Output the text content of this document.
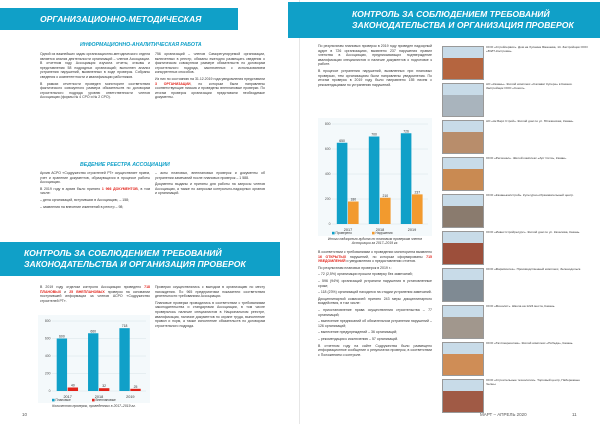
ОРГАНИЗАЦИОННО-МЕТОДИЧЕСКАЯ РАБОТА ИНФОРМАЦИОННО-АНАЛИТИЧЕСКАЯ РАБОТА

Одной из важнейших задач организационно-методического отдела является анализ деятельности организаций – членов Ассоциации. В отчетном году Ассоциация изучила отчеты, отзывы и представления 58 подрядных организаций; выполнен анализ устранения нарушений, выявленных в ходе проверок. Собраны сведения о компетентности и квалификации работников.

В рамках отчетности проведен мониторинг соответствия фактического совокупного размера обязательств по договорам строительного подряда уровню ответственности членов Ассоциации (формы № 4 СРО и № 2 СРО).

756 организаций – членов Саморегулируемой организации, включенных в реестр, обязаны ежегодно размещать сведения о фактическом совокупном размере обязательств по договорам строительного подряда, заключенных с использованием конкурентных способов.

Из них по состоянию на 31.12.2019 года уведомления представили 3 ОРГАНИЗАЦИИ, по которым были направлены соответствующие письма и проведены внеплановые проверки. По итогам проверок организации представили необходимые документы.

ВЕДЕНИЕ РЕЕСТРА АССОЦИАЦИИ

Архив АСРО «Содружество строителей РТ» осуществляет прием, учет и хранение документов, образующихся в процессе работы Ассоциации.

В 2019 году в архив было принято 1 966 ДОКУМЕНТОВ, в том числе:

– дела организаций, вступивших в Ассоциацию, – 158;

– заявления на внесение изменений в реестр – 98;

– акты плановых, внеплановых проверок и документы об устранении замечаний после плановых проверок – 1 588.

Документы выданы и приняты для работы на запросы членов Ассоциации, а также по запросам контрольно-надзорных органов и организаций.

КОНТРОЛЬ ЗА СОБЛЮДЕНИЕМ ТРЕБОВАНИЙ
ЗАКОНОДАТЕЛЬСТВА И ОРГАНИЗАЦИЯ ПРОВЕРОК

В 2019 году отделом контроля Ассоциации проведено 718 ПЛАНОВЫХ и 25 ВНЕПЛАНОВЫХ проверок на основании поступившей информации за членов АСРО «Содружество строителей РТ».

0
200
400
600
800
600
40
2017
660
32
2018
718
25
2019
Плановые	Внеплановые
Количество проверок, проведенных в 2017–2019 гг.

Проверки осуществлялись с выездом в организацию по месту нахождения. По 965 предприятиям показатели соответствия деятельности требованиям Ассоциации.

Плановые проверки проводились в соответствии с требованиями законодательства и стандартами Ассоциации, в том числе проверялось наличие специалистов в Национальном реестре, квалификация, наличие документов по охране труда, выполнение правил и норм, а также исполнение обязательств по договорам строительного подряда.

10
КОНТРОЛЬ ЗА СОБЛЮДЕНИЕМ ТРЕБОВАНИЙ
ЗАКОНОДАТЕЛЬСТВА И ОРГАНИЗАЦИЯ ПРОВЕРОК

По результатам плановых проверок в 2019 году проведен надзорный аудит в 726 организациях, выявлено 237 нарушения правил членства в Ассоциации, предписывающих подтверждение квалификации специалистов и наличие документов о подготовке к работе.

В процессе устранения нарушений, выявленных при плановых проверках, тем организациям были направлены уведомления. По итогам проверок в 2019 году было направлено 155 писем с рекомендациями по устранению нарушений.

0
200
400
600
800
650
180
2017
700
210
2018
726
237
2019
Проверено	Нарушения
Итоги надзорного аудита по плановым проверкам членов Ассоциации за 2017–2019 гг.

В соответствии с требованиями о проведении мониторинга выявлено 16 ОТКРЫТЫХ нарушений, по которым сформированы 715 УВЕДОМЛЕНИЙ и уведомления о предоставлении отчетов.

По результатам плановых проверок в 2019 г.:

– 72 (2,5%) организации прошли проверку без замечаний;

– 596 (94%) организаций устранили нарушения в установленные сроки;

– 118 (23%) организаций находятся на стадии устранения замечаний.

Дисциплинарной комиссией принято 243 меры дисциплинарного воздействия, в том числе:

– приостановление права осуществления строительства – 77 организаций;

– вынесение предписаний об обязательном устранении нарушений – 126 организаций;

– вынесение предупреждений – 36 организаций;

– рекомендация к исключению – 57 организаций.

В отчетном году на сайте Содружества было размещено информационное сообщение о результатах проверок, в соответствии с Положением о контроле.

ООО «Стройсервис». Дом на Хусаина Ямашева, 14. Застройщик ООО «ЮИТ-Кострома».
АО «Казань». Жилой комплекс «Салават Купере» в Казани. Застройщик ООО «Сокол».
АО «Ак Барс Строй». Жилой дом по ул. Ютазинская, Казань.
ООО «Регионал». Жилой комплекс «Арт Сити», Казань.
ООО «Казаньжилстрой». Культурно-образовательный центр.
ООО «Инвестстройресурс». Жилой дом по ул. Качалова, Казань.
ООО «Фармсинтез». Производственный комплекс, Зеленодольск.
ООО «Монолит». Школа на 1224 места, Казань.
ООО «Татспецмонтаж». Жилой комплекс «Победа», Казань.
ООО «Строительные технологии». Торговый центр, Набережные Челны.
МАРТ – АПРЕЛЬ 2020	11
